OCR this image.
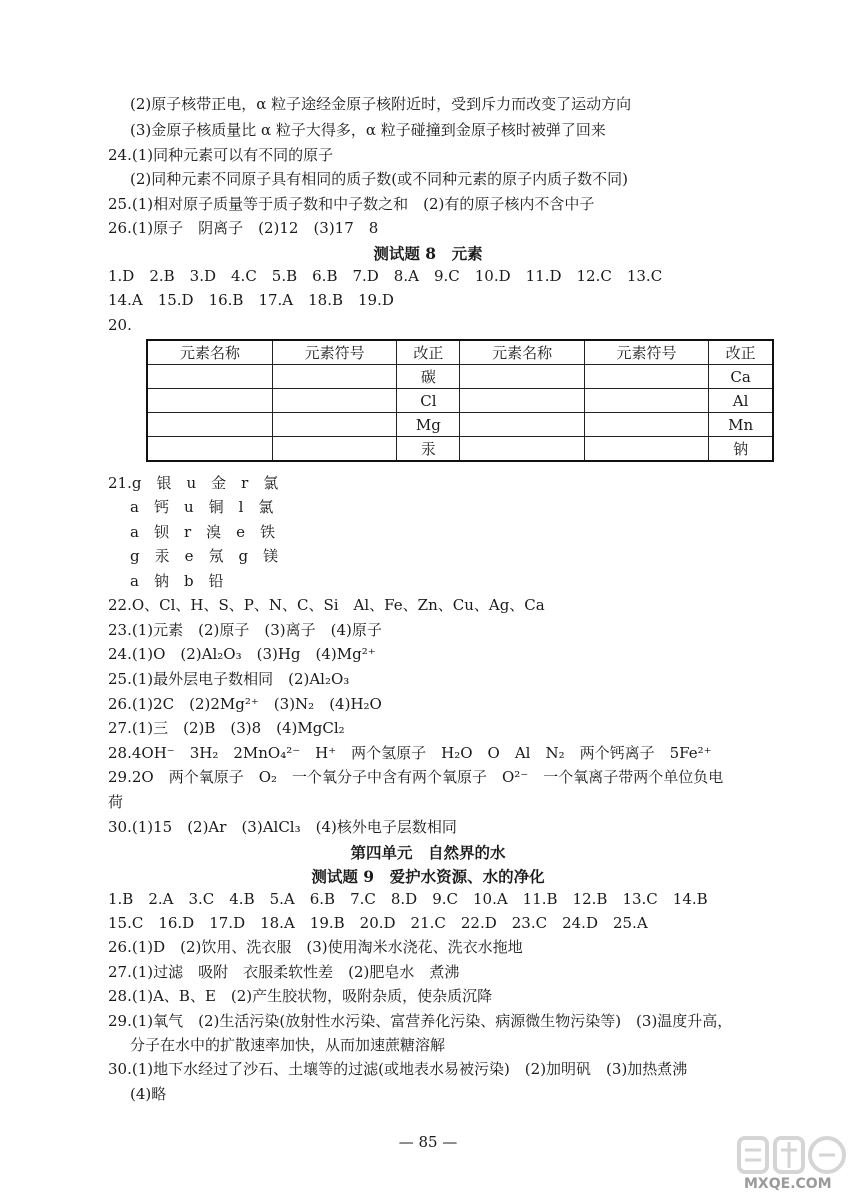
(2)原子核带正电，α 粒子途经金原子核附近时，受到斥力而改变了运动方向
(3)金原子核质量比 α 粒子大得多，α 粒子碰撞到金原子核时被弹了回来
24.(1)同种元素可以有不同的原子
(2)同种元素不同原子具有相同的质子数(或不同种元素的原子内质子数不同)
25.(1)相对原子质量等于质子数和中子数之和　(2)有的原子核内不含中子
26.(1)原子　阴离子　(2)12　(3)17　8
测试题 8　元素
1.D　2.B　3.D　4.C　5.B　6.B　7.D　8.A　9.C　10.D　11.D　12.C　13.C
14.A　15.D　16.B　17.A　18.B　19.D
20.
元素名称	元素符号	改正	元素名称	元素符号	改正
		碳			Ca
		Cl			Al
		Mg			Mn
		汞			钠
21.g　银　u　金　r　氯
a　钙　u　铜　l　氯
a　钡　r　溴　e　铁
g　汞　e　氖　g　镁
a　钠　b　铅
22.O、Cl、H、S、P、N、C、Si　Al、Fe、Zn、Cu、Ag、Ca
23.(1)元素　(2)原子　(3)离子　(4)原子
24.(1)O　(2)Al₂O₃　(3)Hg　(4)Mg²⁺
25.(1)最外层电子数相同　(2)Al₂O₃
26.(1)2C　(2)2Mg²⁺　(3)N₂　(4)H₂O
27.(1)三　(2)B　(3)8　(4)MgCl₂
28.4OH⁻　3H₂　2MnO₄²⁻　H⁺　两个氢原子　H₂O　O　Al　N₂　两个钙离子　5Fe²⁺
29.2O　两个氧原子　O₂　一个氧分子中含有两个氧原子　O²⁻　一个氧离子带两个单位负电
荷
30.(1)15　(2)Ar　(3)AlCl₃　(4)核外电子层数相同
第四单元　自然界的水
测试题 9　爱护水资源、水的净化
1.B　2.A　3.C　4.B　5.A　6.B　7.C　8.D　9.C　10.A　11.B　12.B　13.C　14.B
15.C　16.D　17.D　18.A　19.B　20.D　21.C　22.D　23.C　24.D　25.A
26.(1)D　(2)饮用、洗衣服　(3)使用淘米水浇花、洗衣水拖地
27.(1)过滤　吸附　衣服柔软性差　(2)肥皂水　煮沸
28.(1)A、B、E　(2)产生胶状物，吸附杂质，使杂质沉降
29.(1)氧气　(2)生活污染(放射性水污染、富营养化污染、病源微生物污染等)　(3)温度升高，
分子在水中的扩散速率加快，从而加速蔗糖溶解
30.(1)地下水经过了沙石、土壤等的过滤(或地表水易被污染)　(2)加明矾　(3)加热煮沸
(4)略
— 85 —
MXQE.COM
